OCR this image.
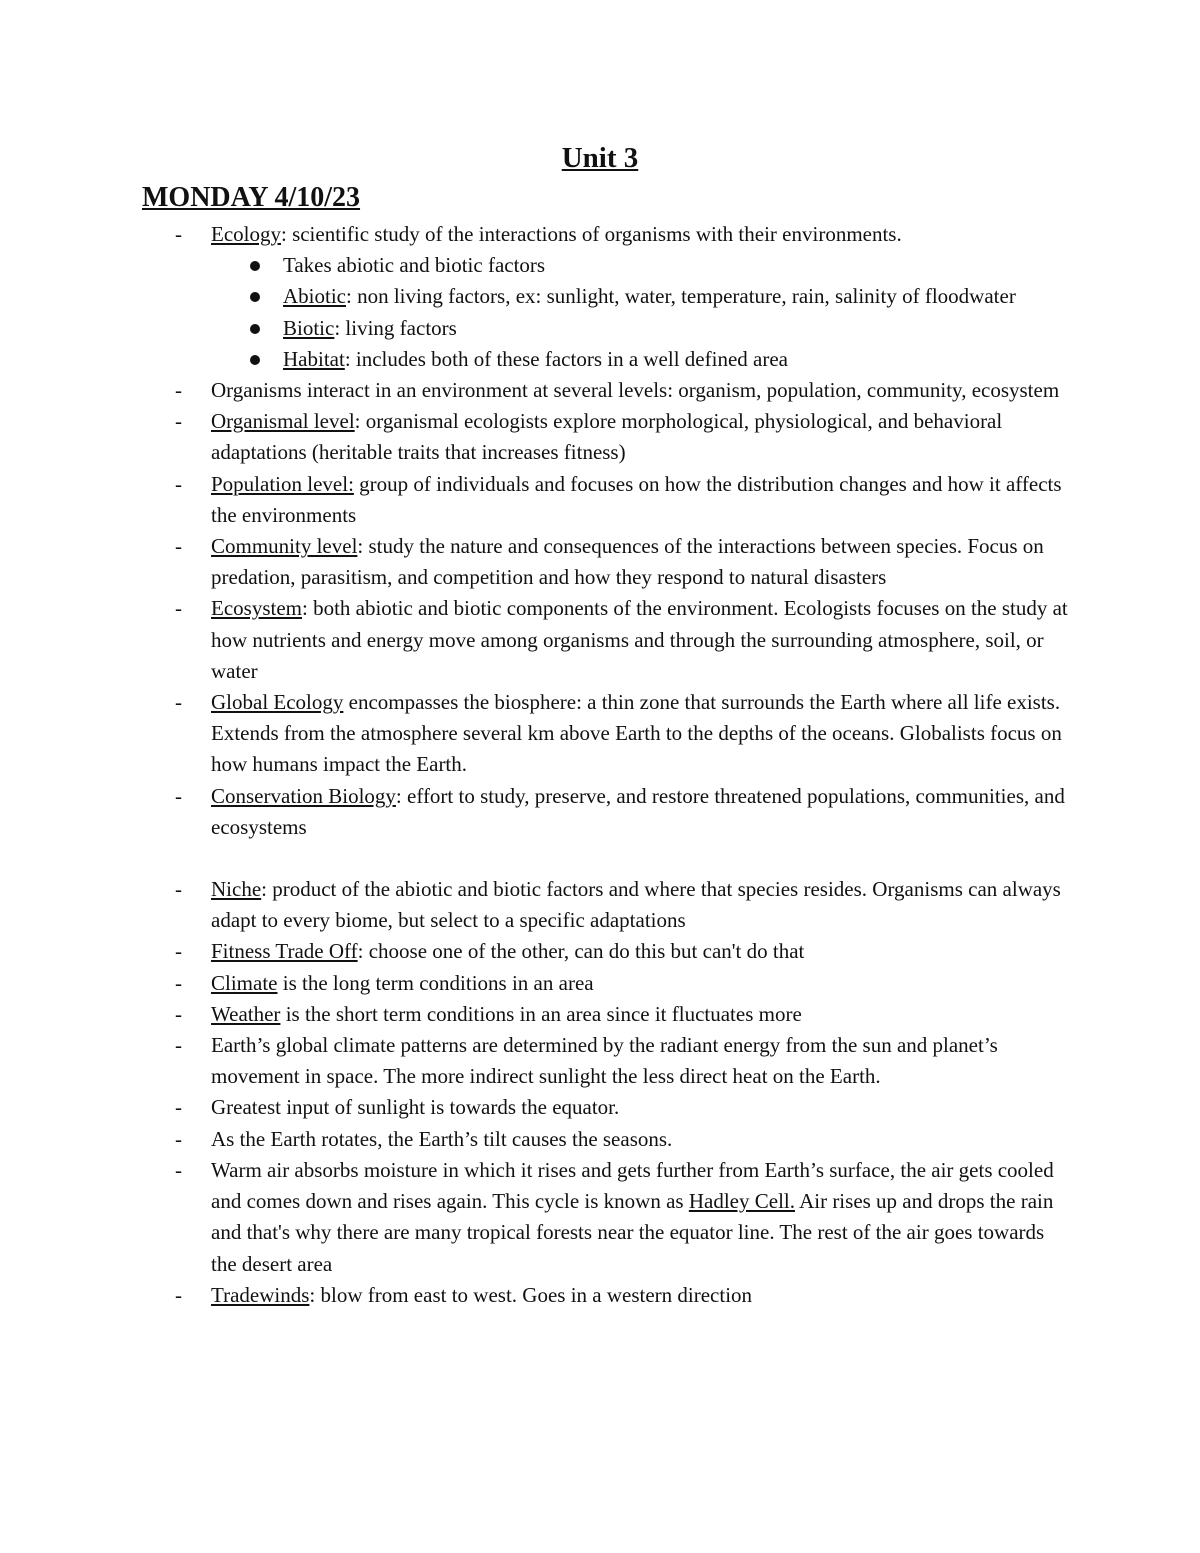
Unit 3
MONDAY 4/10/23
- Ecology: scientific study of the interactions of organisms with their environments.
Takes abiotic and biotic factors
Abiotic: non living factors, ex: sunlight, water, temperature, rain, salinity of floodwater
Biotic: living factors
Habitat: includes both of these factors in a well defined area
- Organisms interact in an environment at several levels: organism, population, community, ecosystem
- Organismal level: organismal ecologists explore morphological, physiological, and behavioral adaptations (heritable traits that increases fitness)
- Population level: group of individuals and focuses on how the distribution changes and how it affects the environments
- Community level: study the nature and consequences of the interactions between species. Focus on predation, parasitism, and competition and how they respond to natural disasters
- Ecosystem: both abiotic and biotic components of the environment. Ecologists focuses on the study at how nutrients and energy move among organisms and through the surrounding atmosphere, soil, or water
- Global Ecology encompasses the biosphere: a thin zone that surrounds the Earth where all life exists. Extends from the atmosphere several km above Earth to the depths of the oceans. Globalists focus on how humans impact the Earth.
- Conservation Biology: effort to study, preserve, and restore threatened populations, communities, and ecosystems
- Niche: product of the abiotic and biotic factors and where that species resides. Organisms can always adapt to every biome, but select to a specific adaptations
- Fitness Trade Off: choose one of the other, can do this but can't do that
- Climate is the long term conditions in an area
- Weather is the short term conditions in an area since it fluctuates more
- Earth’s global climate patterns are determined by the radiant energy from the sun and planet’s movement in space. The more indirect sunlight the less direct heat on the Earth.
- Greatest input of sunlight is towards the equator.
- As the Earth rotates, the Earth’s tilt causes the seasons.
- Warm air absorbs moisture in which it rises and gets further from Earth’s surface, the air gets cooled and comes down and rises again. This cycle is known as Hadley Cell. Air rises up and drops the rain and that's why there are many tropical forests near the equator line. The rest of the air goes towards the desert area
- Tradewinds: blow from east to west. Goes in a western direction
